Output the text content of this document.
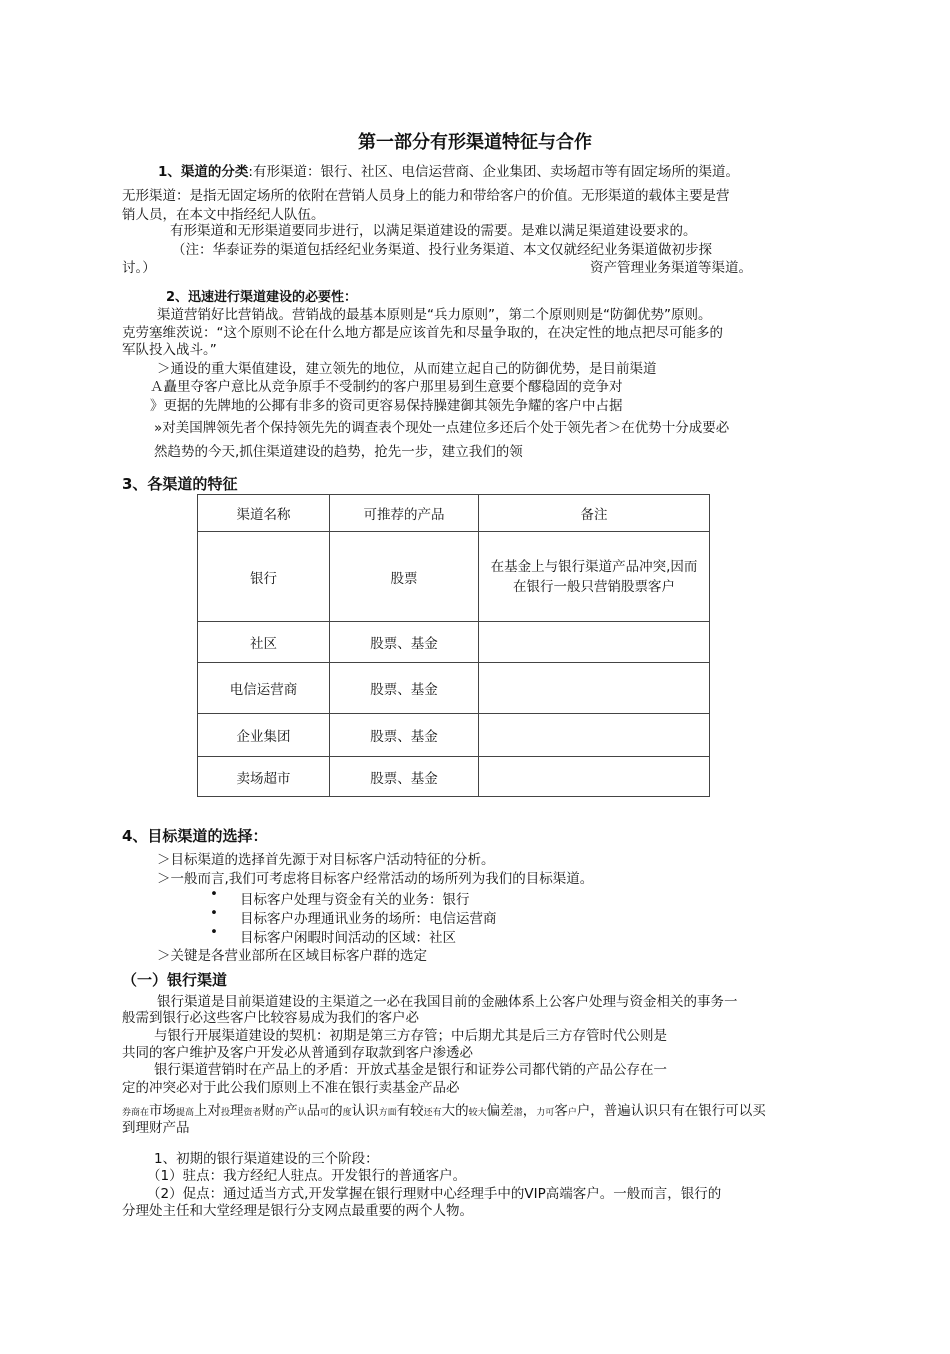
第一部分有形渠道特征与合作
1、渠道的分类:有形渠道：银行、社区、电信运营商、企业集团、卖场超市等有固定场所的渠道。
无形渠道：是指无固定场所的依附在营销人员身上的能力和带给客户的价值。无形渠道的载体主要是营
销人员，在本文中指经纪人队伍。
有形渠道和无形渠道要同步进行，以满足渠道建设的需要。是难以满足渠道建设要求的。
（注：华泰证券的渠道包括经纪业务渠道、投行业务渠道、本文仅就经纪业务渠道做初步探
资产管理业务渠道等渠道。
讨。）
2、迅速进行渠道建设的必要性：
渠道营销好比营销战。营销战的最基本原则是“兵力原则”，第二个原则则是“防御优势”原则。
克劳塞维茨说：“这个原则不论在什么地方都是应该首先和尽量争取的，在决定性的地点把尽可能多的
军队投入战斗。”
＞通设的重大渠值建设，建立领先的地位，从而建立起自己的防御优势，是目前渠道
Ａ矗里夺客户意比从竞争原手不受制约的客户那里易到生意要个醪稳固的竞争对
》更据的先牌地的公揶有非多的资司更容易保持臊建御其领先争耀的客户中占据
»对美国牌领先者个保持领先先的调查表个现处一点建位多还后个处于领先者＞在优势十分成要必
然趋势的今天,抓住渠道建设的趋势，抢先一步，建立我们的领
3、各渠道的特征
渠道名称	可推荐的产品	备注
银行	股票	在基金上与银行渠道产品冲突,因而在银行一般只营销股票客户
社区	股票、基金	
电信运营商	股票、基金	
企业集团	股票、基金	
卖场超市	股票、基金	
4、目标渠道的选择：
＞目标渠道的选择首先源于对目标客户活动特征的分析。
＞一般而言,我们可考虑将目标客户经常活动的场所列为我们的目标渠道。
• 目标客户处理与资金有关的业务：银行
• 目标客户办理通讯业务的场所：电信运营商
• 目标客户闲暇时间活动的区域：社区
＞关键是各营业部所在区域目标客户群的选定
（一）银行渠道
银行渠道是目前渠道建设的主渠道之一必在我国目前的金融体系上公客户处理与资金相关的事务一
般需到银行必这些客户比较容易成为我们的客户必
与银行开展渠道建设的契机：初期是第三方存管；中后期尤其是后三方存管时代公则是
共同的客户维护及客户开发必从普通到存取款到客户渗透必
银行渠道营销时在产品上的矛盾：开放式基金是银行和证券公司都代销的产品公存在一
定的冲突必对于此公我们原则上不准在银行卖基金产品必
券商在市场提高上对投理资者财的产认品可的度认识方面有较还有大的较大偏差潜，力可客户户，普遍认识只有在银行可以买
到理财产品
1、初期的银行渠道建设的三个阶段：
（1）驻点：我方经纪人驻点。开发银行的普通客户。
（2）促点：通过适当方式,开发掌握在银行理财中心经理手中的VIP高端客户。一般而言，银行的
分理处主任和大堂经理是银行分支网点最重要的两个人物。
